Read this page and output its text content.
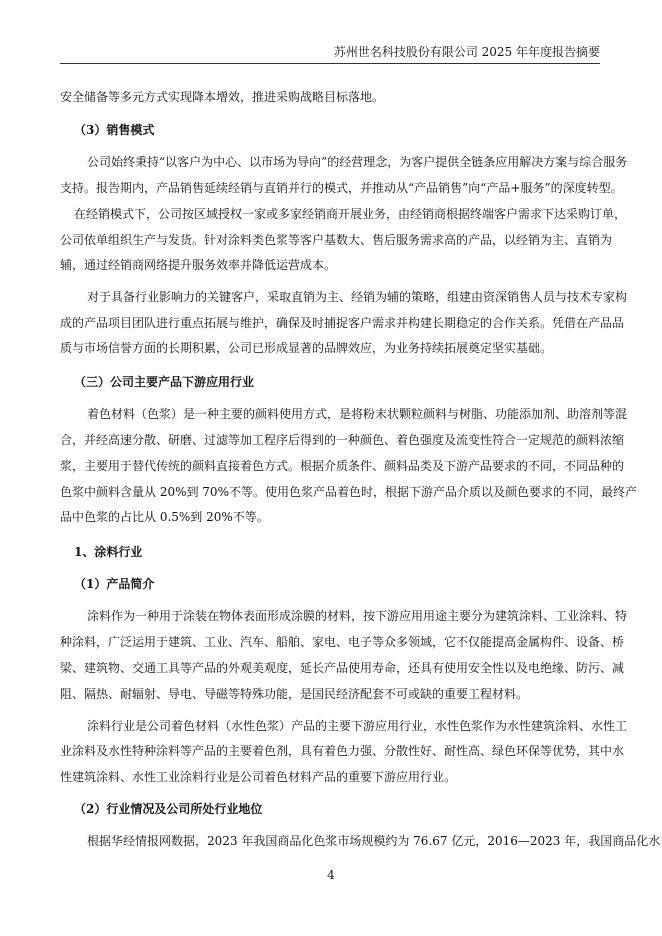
苏州世名科技股份有限公司 2025 年年度报告摘要
安全储备等多元方式实现降本增效，推进采购战略目标落地。
（3）销售模式
公司始终秉持“以客户为中心、以市场为导向”的经营理念，为客户提供全链条应用解决方案与综合服务
支持。报告期内，产品销售延续经销与直销并行的模式，并推动从“产品销售”向“产品+服务”的深度转型。
在经销模式下，公司按区域授权一家或多家经销商开展业务，由经销商根据终端客户需求下达采购订单，
公司依单组织生产与发货。针对涂料类色浆等客户基数大、售后服务需求高的产品，以经销为主、直销为
辅，通过经销商网络提升服务效率并降低运营成本。
对于具备行业影响力的关键客户，采取直销为主、经销为辅的策略，组建由资深销售人员与技术专家构
成的产品项目团队进行重点拓展与维护，确保及时捕捉客户需求并构建长期稳定的合作关系。凭借在产品品
质与市场信誉方面的长期积累，公司已形成显著的品牌效应，为业务持续拓展奠定坚实基础。
（三）公司主要产品下游应用行业
着色材料（色浆）是一种主要的颜料使用方式，是将粉末状颗粒颜料与树脂、功能添加剂、助溶剂等混
合，并经高速分散、研磨、过滤等加工程序后得到的一种颜色、着色强度及流变性符合一定规范的颜料浓缩
浆，主要用于替代传统的颜料直接着色方式。根据介质条件、颜料品类及下游产品要求的不同，不同品种的
色浆中颜料含量从 20%到 70%不等。使用色浆产品着色时，根据下游产品介质以及颜色要求的不同，最终产
品中色浆的占比从 0.5%到 20%不等。
1、涂料行业
（1）产品简介
涂料作为一种用于涂装在物体表面形成涂膜的材料，按下游应用用途主要分为建筑涂料、工业涂料、特
种涂料，广泛运用于建筑、工业、汽车、船舶、家电、电子等众多领域，它不仅能提高金属构件、设备、桥
梁、建筑物、交通工具等产品的外观美观度，延长产品使用寿命，还具有使用安全性以及电绝缘、防污、减
阻、隔热、耐辐射、导电、导磁等特殊功能，是国民经济配套不可或缺的重要工程材料。
涂料行业是公司着色材料（水性色浆）产品的主要下游应用行业，水性色浆作为水性建筑涂料、水性工
业涂料及水性特种涂料等产品的主要着色剂，具有着色力强、分散性好、耐性高、绿色环保等优势，其中水
性建筑涂料、水性工业涂料行业是公司着色材料产品的重要下游应用行业。
（2）行业情况及公司所处行业地位
根据华经情报网数据，2023 年我国商品化色浆市场规模约为 76.67 亿元，2016—2023 年，我国商品化水
4
